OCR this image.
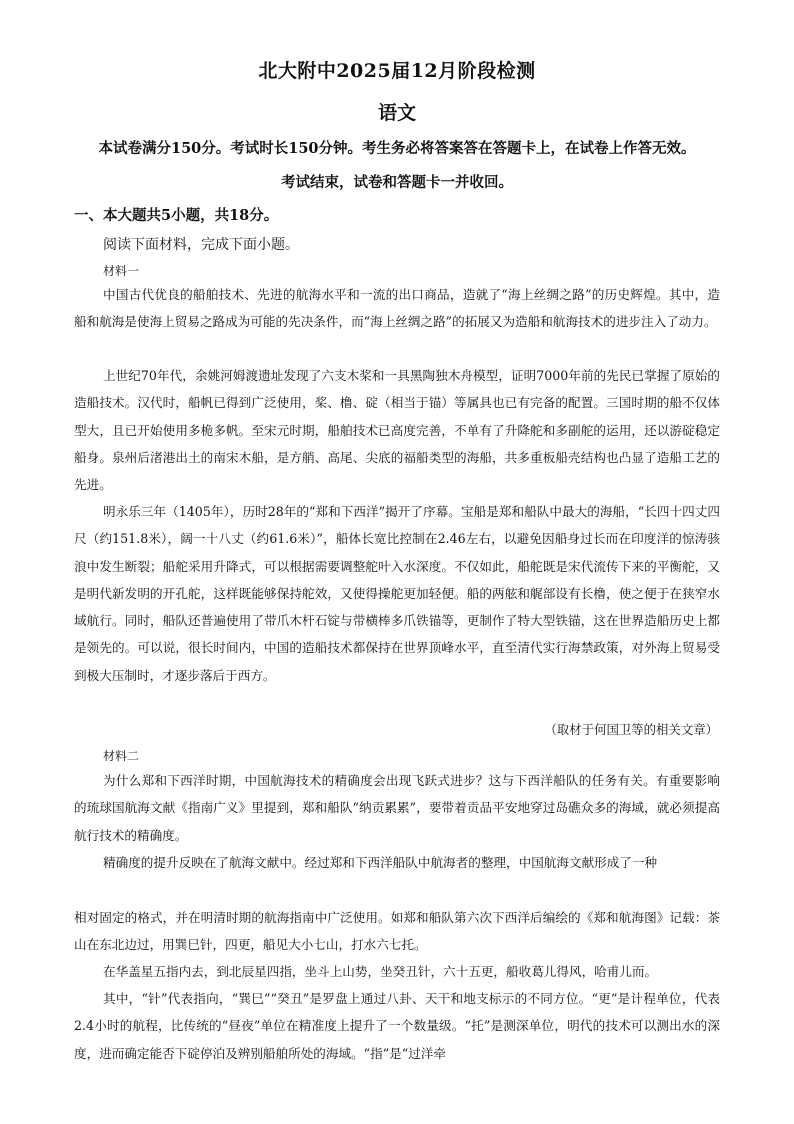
北大附中2025届12月阶段检测
语文
本试卷满分150分。考试时长150分钟。考生务必将答案答在答题卡上，在试卷上作答无效。
考试结束，试卷和答题卡一并收回。
一、本大题共5小题，共18分。
阅读下面材料，完成下面小题。
材料一

中国古代优良的船舶技术、先进的航海水平和一流的出口商品，造就了“海上丝绸之路”的历史辉煌。其中，造船和航海是使海上贸易之路成为可能的先决条件，而“海上丝绸之路”的拓展又为造船和航海技术的进步注入了动力。

上世纪70年代，余姚河姆渡遗址发现了六支木桨和一具黑陶独木舟模型，证明7000年前的先民已掌握了原始的造船技术。汉代时，船帆已得到广泛使用，桨、橹、碇（相当于锚）等属具也已有完备的配置。三国时期的船不仅体型大，且已开始使用多桅多帆。至宋元时期，船舶技术已高度完善，不单有了升降舵和多副舵的运用，还以游碇稳定船身。泉州后渚港出土的南宋木船，是方艄、高尾、尖底的福船类型的海船，共多重板船壳结构也凸显了造船工艺的先进。

明永乐三年（1405年），历时28年的“郑和下西洋”揭开了序幕。宝船是郑和船队中最大的海船，“长四十四丈四尺（约151.8米），阔一十八丈（约61.6米）”，船体长宽比控制在2.46左右，以避免因船身过长而在印度洋的惊涛骇浪中发生断裂；船舵采用升降式，可以根据需要调整舵叶入水深度。不仅如此，船舵既是宋代流传下来的平衡舵，又是明代新发明的开孔舵，这样既能够保持舵效，又使得操舵更加轻便。船的两舷和艉部设有长橹，使之便于在狭窄水域航行。同时，船队还普遍使用了带爪木杆石锭与带横棒多爪铁锚等，更制作了特大型铁锚，这在世界造船历史上都是领先的。可以说，很长时间内，中国的造船技术都保持在世界顶峰水平，直至清代实行海禁政策，对外海上贸易受到极大压制时，才逐步落后于西方。

（取材于何国卫等的相关文章）
材料二

为什么郑和下西洋时期，中国航海技术的精确度会出现飞跃式进步？这与下西洋船队的任务有关。有重要影响的琉球国航海文献《指南广义》里提到，郑和船队“纳贡累累”，要带着贡品平安地穿过岛礁众多的海域，就必须提高航行技术的精确度。

精确度的提升反映在了航海文献中。经过郑和下西洋船队中航海者的整理，中国航海文献形成了一种

相对固定的格式，并在明清时期的航海指南中广泛使用。如郑和船队第六次下西洋后编绘的《郑和航海图》记载：茶山在东北边过，用巽巳针，四更，船见大小七山，打水六七托。

在华盖星五指内去，到北辰星四指，坐斗上山势，坐癸丑针，六十五更，船收葛儿得风，哈甫儿而。

其中，“针”代表指向，“巽巳”“癸丑”是罗盘上通过八卦、天干和地支标示的不同方位。“更”是计程单位，代表2.4小时的航程，比传统的“昼夜”单位在精准度上提升了一个数量级。“托”是测深单位，明代的技术可以测出水的深度，进而确定能否下碇停泊及辨别船舶所处的海域。“指”是“过洋牵
